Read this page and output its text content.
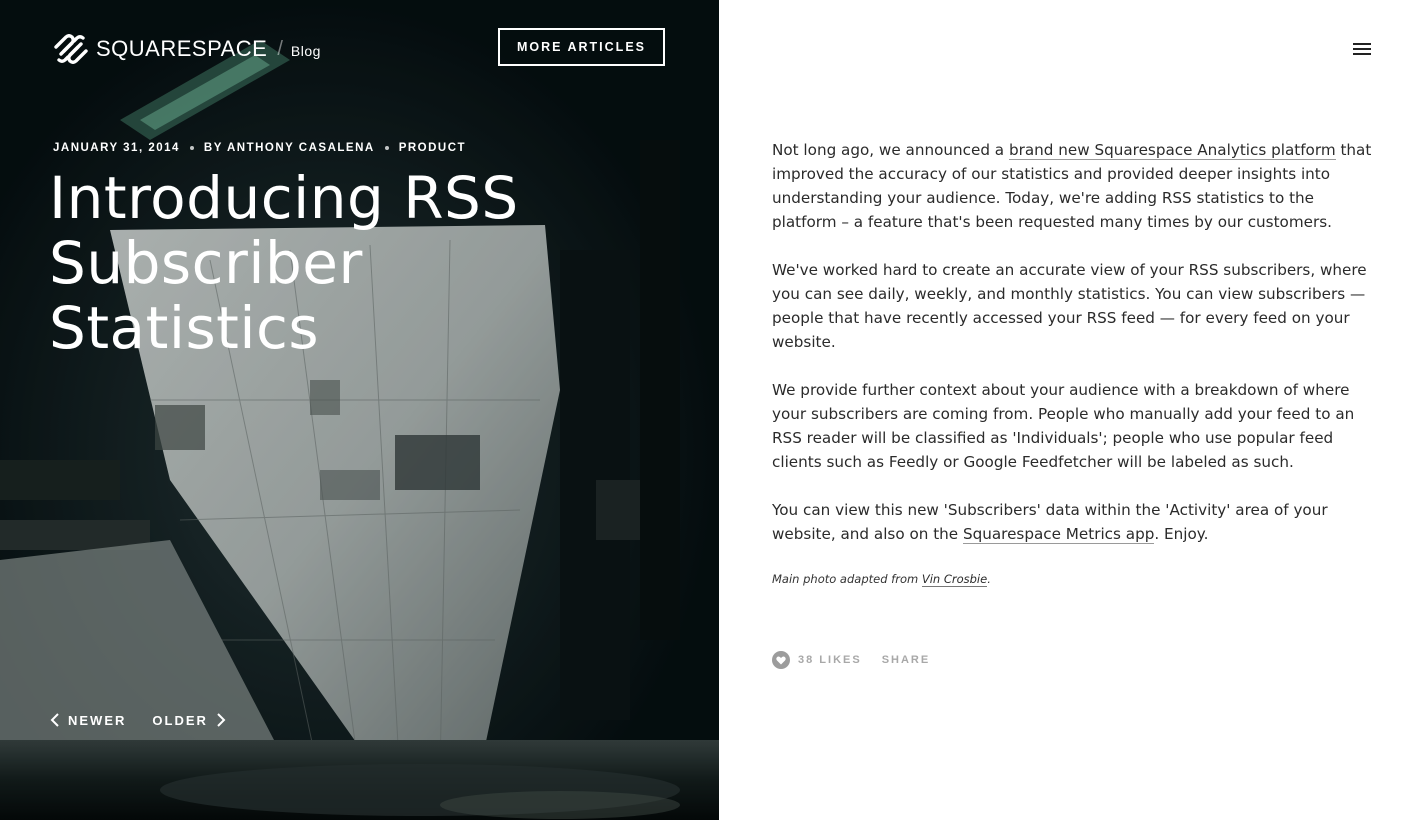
SQUARESPACE / Blog	MORE ARTICLES
JANUARY 31, 2014 BY ANTHONY CASALENA PRODUCT
Introducing RSS
Subscriber
Statistics
NEWER OLDER

Not long ago, we announced a brand new Squarespace Analytics platform that improved the accuracy of our statistics and provided deeper insights into understanding your audience. Today, we're adding RSS statistics to the platform – a feature that's been requested many times by our customers.

We've worked hard to create an accurate view of your RSS subscribers, where you can see daily, weekly, and monthly statistics. You can view subscribers — people that have recently accessed your RSS feed — for every feed on your website.

We provide further context about your audience with a breakdown of where your subscribers are coming from. People who manually add your feed to an RSS reader will be classified as 'Individuals'; people who use popular feed clients such as Feedly or Google Feedfetcher will be labeled as such.

You can view this new 'Subscribers' data within the 'Activity' area of your website, and also on the Squarespace Metrics app. Enjoy.

Main photo adapted from Vin Crosbie.

38 LIKES SHARE
